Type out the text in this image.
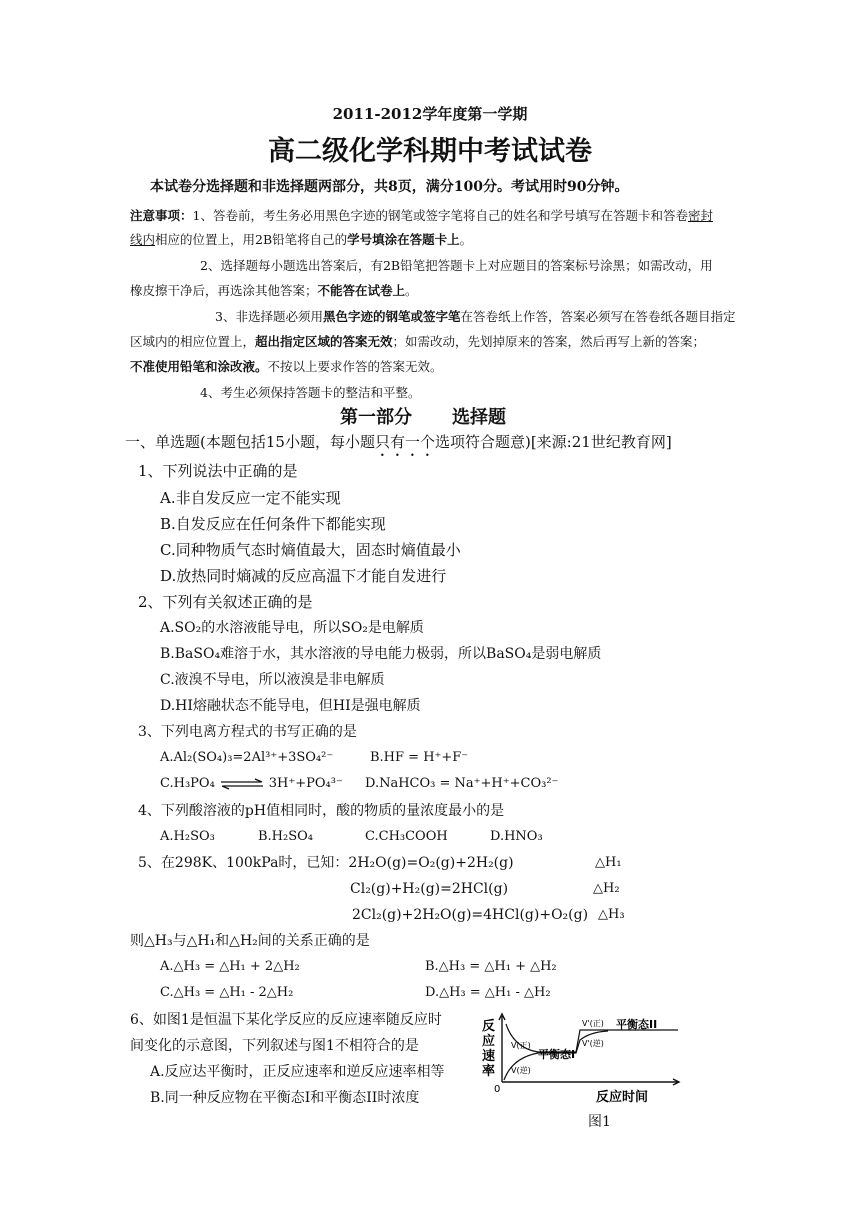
2011-2012学年度第一学期
高二级化学科期中考试试卷
本试卷分选择题和非选择题两部分，共8页，满分100分。考试用时90分钟。
注意事项：1、答卷前，考生务必用黑色字迹的钢笔或签字笔将自己的姓名和学号填写在答题卡和答卷密封
线内相应的位置上，用2B铅笔将自己的学号填涂在答题卡上。
2、选择题每小题选出答案后，有2B铅笔把答题卡上对应题目的答案标号涂黑；如需改动，用
橡皮擦干净后，再选涂其他答案；不能答在试卷上。
3、非选择题必须用黑色字迹的钢笔或签字笔在答卷纸上作答，答案必须写在答卷纸各题目指定
区域内的相应位置上，超出指定区域的答案无效；如需改动，先划掉原来的答案，然后再写上新的答案；
不准使用铅笔和涂改液。不按以上要求作答的答案无效。
4、考生必须保持答题卡的整洁和平整。
第一部分 选择题
一、单选题(本题包括15小题，每小题只有一个选项符合题意)[来源:21世纪教育网]
1、下列说法中正确的是
A.非自发反应一定不能实现
B.自发反应在任何条件下都能实现
C.同种物质气态时熵值最大，固态时熵值最小
D.放热同时熵减的反应高温下才能自发进行
2、下列有关叙述正确的是
A.SO₂的水溶液能导电，所以SO₂是电解质
B.BaSO₄难溶于水，其水溶液的导电能力极弱，所以BaSO₄是弱电解质
C.液溴不导电，所以液溴是非电解质
D.HI熔融状态不能导电，但HI是强电解质
3、下列电离方程式的书写正确的是
A.Al₂(SO₄)₃=2Al³⁺+3SO₄²⁻	B.HF = H⁺+F⁻
C.H₃PO₄ ⇌ 3H⁺+PO₄³⁻ D.NaHCO₃ = Na⁺+H⁺+CO₃²⁻
4、下列酸溶液的pH值相同时，酸的物质的量浓度最小的是
A.H₂SO₃	B.H₂SO₄	C.CH₃COOH	D.HNO₃
5、在298K、100kPa时，已知：2H₂O(g)=O₂(g)+2H₂(g)	△H₁
Cl₂(g)+H₂(g)=2HCl(g)	△H₂
2Cl₂(g)+2H₂O(g)=4HCl(g)+O₂(g) △H₃
则△H₃与△H₁和△H₂间的关系正确的是
A.△H₃ = △H₁ + 2△H₂	B.△H₃ = △H₁ + △H₂
C.△H₃ = △H₁ - 2△H₂	D.△H₃ = △H₁ - △H₂
6、如图1是恒温下某化学反应的反应速率随反应时
间变化的示意图，下列叙述与图1不相符合的是
A.反应达平衡时，正反应速率和逆反应速率相等
B.同一种反应物在平衡态I和平衡态II时浓度
反 应 速 率
0
V(正)
V(逆)
平衡态I
V'(正)
V'(逆)
平衡态II
反应时间
图1
